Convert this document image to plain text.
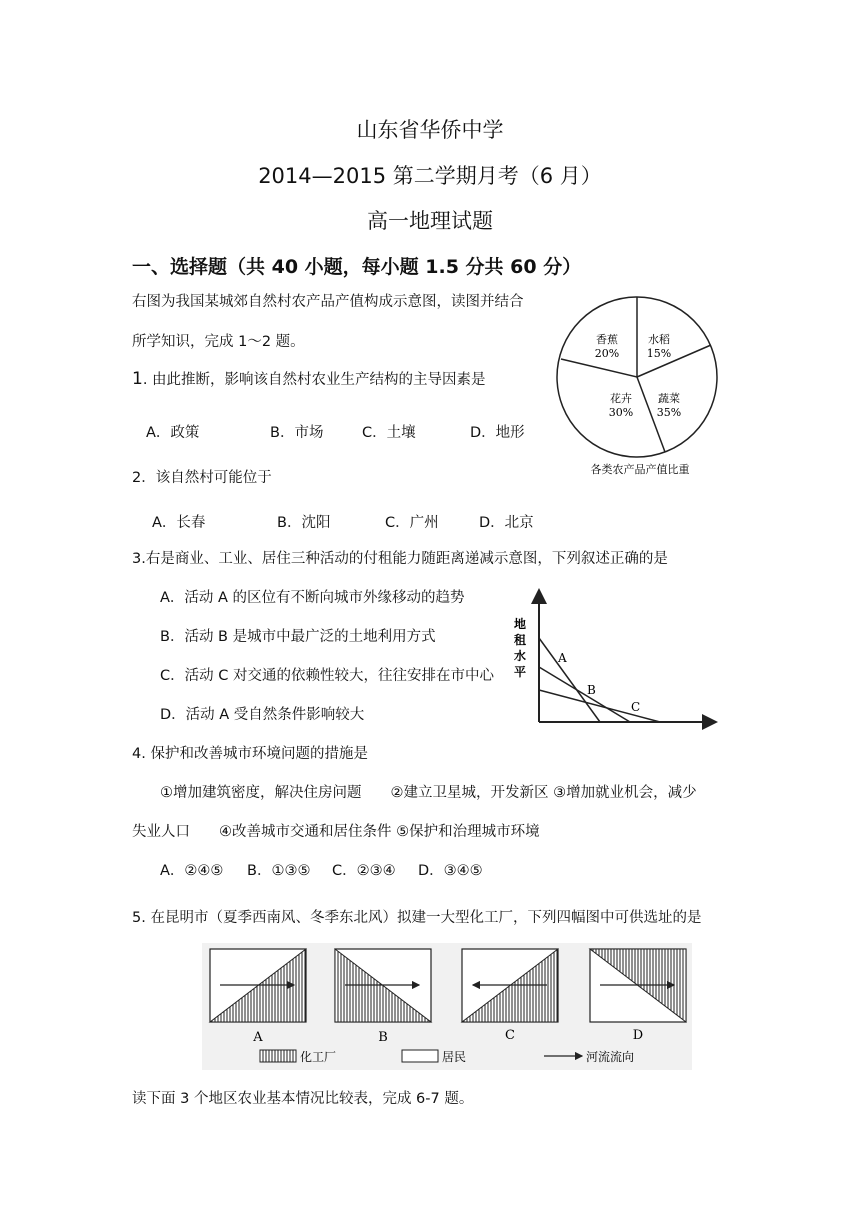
山东省华侨中学
2014—2015 第二学期月考（6 月）
高一地理试题
一、选择题（共 40 小题，每小题 1.5 分共 60 分）
右图为我国某城郊自然村农产品产值构成示意图，读图并结合
所学知识，完成 1～2 题。
1. 由此推断，影响该自然村农业生产结构的主导因素是
A．政策	B．市场	C．土壤	D．地形
香蕉
20%
水稻
15%
蔬菜
35%
花卉
30%
各类农产品产值比重
2．该自然村可能位于
A．长春	B．沈阳	C．广州	D．北京
3.右是商业、工业、居住三种活动的付租能力随距离递减示意图，下列叙述正确的是
A．活动 A 的区位有不断向城市外缘移动的趋势
B．活动 B 是城市中最广泛的土地利用方式
C．活动 C 对交通的依赖性较大，往往安排在市中心
D．活动 A 受自然条件影响较大
地
租
水
平
A
B
C
4. 保护和改善城市环境问题的措施是
①增加建筑密度，解决住房问题　　②建立卫星城，开发新区 ③增加就业机会，减少
失业人口　　④改善城市交通和居住条件 ⑤保护和治理城市环境
A．②④⑤ B．①③⑤ C．②③④ D．③④⑤
5. 在昆明市（夏季西南风、冬季东北风）拟建一大型化工厂，下列四幅图中可供选址的是
A	B	C	D
化工厂	居民	河流流向
读下面 3 个地区农业基本情况比较表，完成 6-7 题。
